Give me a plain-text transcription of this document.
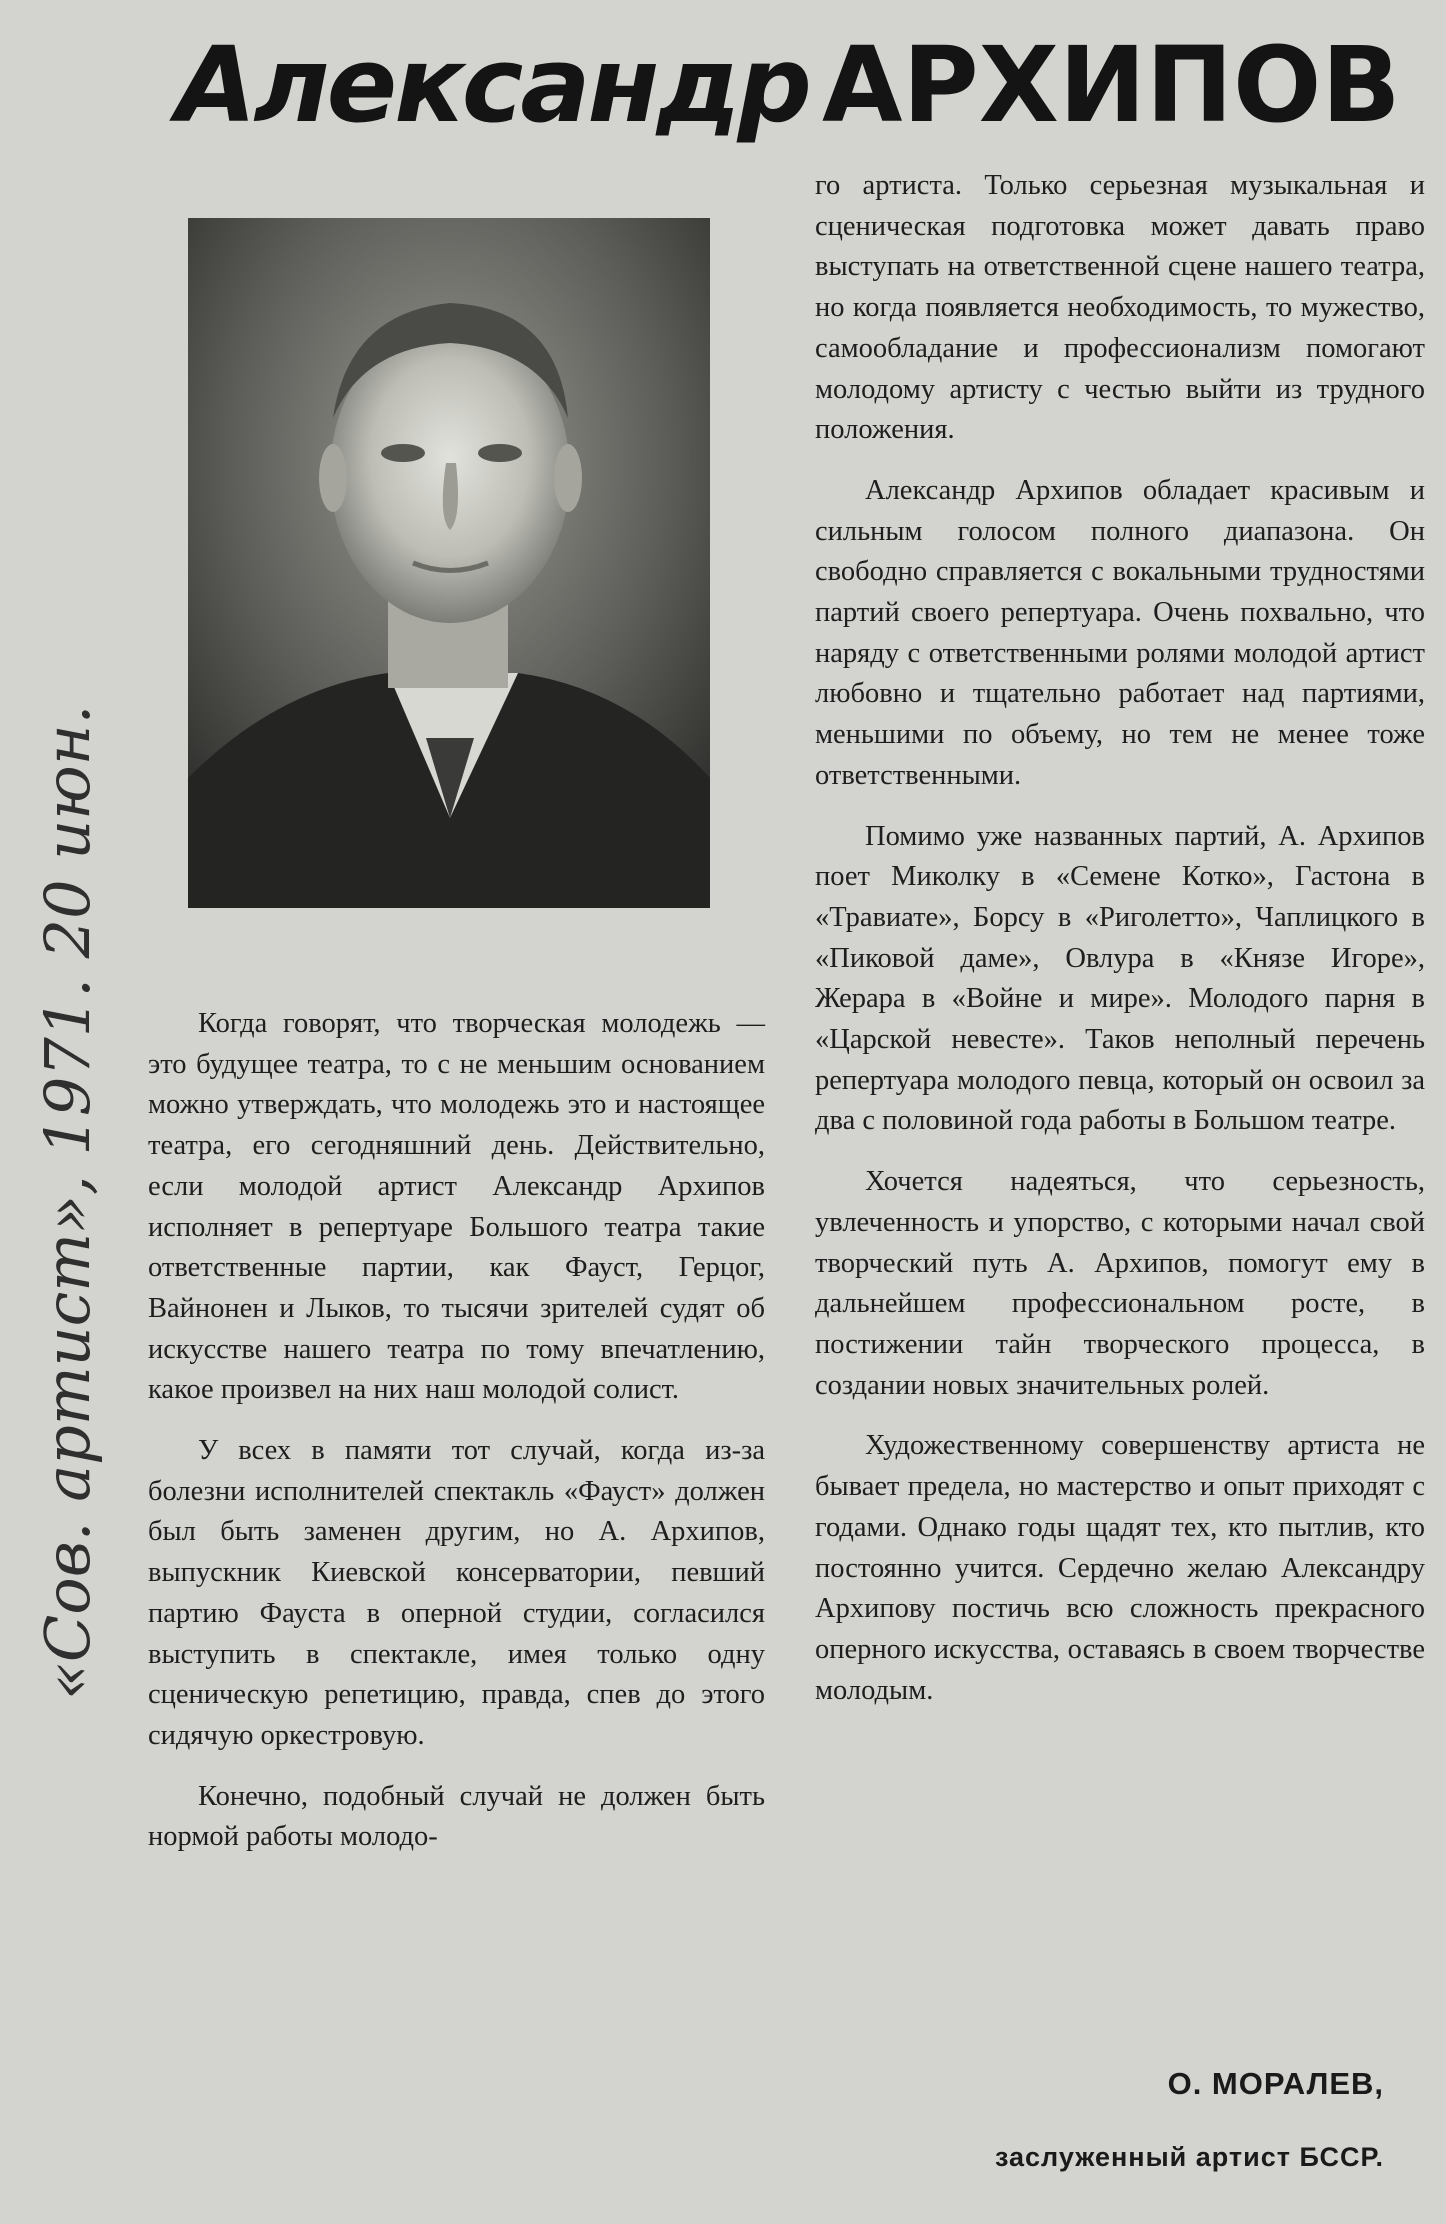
Александр АРХИПОВ
«Сов. артист», 1971. 20 июн.	Когда говорят, что творческая молодежь — это будущее театра, то с не меньшим основанием можно утверждать, что молодежь это и настоящее театра, его сегодняшний день. Действительно, если молодой артист Александр Архипов исполняет в репертуаре Большого театра такие ответственные партии, как Фауст, Герцог, Вайнонен и Лыков, то тысячи зрителей судят об искусстве нашего театра по тому впечатлению, какое произвел на них наш молодой солист.

У всех в памяти тот случай, когда из-за болезни исполнителей спектакль «Фауст» должен был быть заменен другим, но А. Архипов, выпускник Киевской консерватории, певший партию Фауста в оперной студии, согласился выступить в спектакле, имея только одну сценическую репетицию, правда, спев до этого сидячую оркестровую.

Конечно, подобный случай не должен быть нормой работы молодо-

го артиста. Только серьезная музыкальная и сценическая подготовка может давать право выступать на ответственной сцене нашего театра, но когда появляется необходимость, то мужество, самообладание и профессионализм помогают молодому артисту с честью выйти из трудного положения.

Александр Архипов обладает красивым и сильным голосом полного диапазона. Он свободно справляется с вокальными трудностями партий своего репертуара. Очень похвально, что наряду с ответственными ролями молодой артист любовно и тщательно работает над партиями, меньшими по объему, но тем не менее тоже ответственными.

Помимо уже названных партий, А. Архипов поет Миколку в «Семене Котко», Гастона в «Травиате», Борсу в «Риголетто», Чаплицкого в «Пиковой даме», Овлура в «Князе Игоре», Жерара в «Войне и мире». Молодого парня в «Царской невесте». Таков неполный перечень репертуара молодого певца, который он освоил за два с половиной года работы в Большом театре.

Хочется надеяться, что серьезность, увлеченность и упорство, с которыми начал свой творческий путь А. Архипов, помогут ему в дальнейшем профессиональном росте, в постижении тайн творческого процесса, в создании новых значительных ролей.

Художественному совершенству артиста не бывает предела, но мастерство и опыт приходят с годами. Однако годы щадят тех, кто пытлив, кто постоянно учится. Сердечно желаю Александру Архипову постичь всю сложность прекрасного оперного искусства, оставаясь в своем творчестве молодым.

О. МОРАЛЕВ,
заслуженный артист БССР.
